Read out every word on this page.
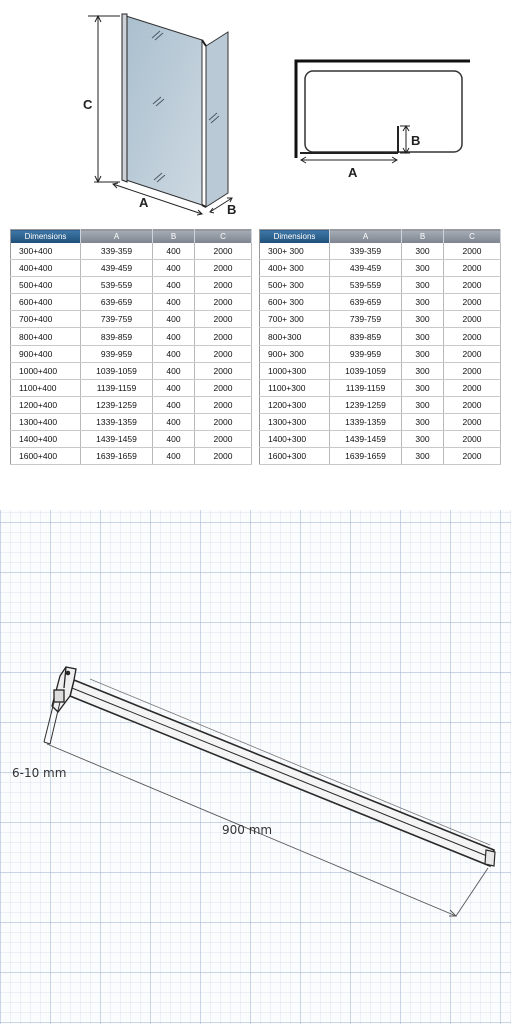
C
A	B
A
B
Dimensions	A	B	C
300+400	339-359	400	2000
400+400	439-459	400	2000
500+400	539-559	400	2000
600+400	639-659	400	2000
700+400	739-759	400	2000
800+400	839-859	400	2000
900+400	939-959	400	2000
1000+400	1039-1059	400	2000
1100+400	1139-1159	400	2000
1200+400	1239-1259	400	2000
1300+400	1339-1359	400	2000
1400+400	1439-1459	400	2000
1600+400	1639-1659	400	2000
Dimensions	A	B	C
300+ 300	339-359	300	2000
400+ 300	439-459	300	2000
500+ 300	539-559	300	2000
600+ 300	639-659	300	2000
700+ 300	739-759	300	2000
800+300	839-859	300	2000
900+ 300	939-959	300	2000
1000+300	1039-1059	300	2000
1100+300	1139-1159	300	2000
1200+300	1239-1259	300	2000
1300+300	1339-1359	300	2000
1400+300	1439-1459	300	2000
1600+300	1639-1659	300	2000
6-10 mm
900 mm
